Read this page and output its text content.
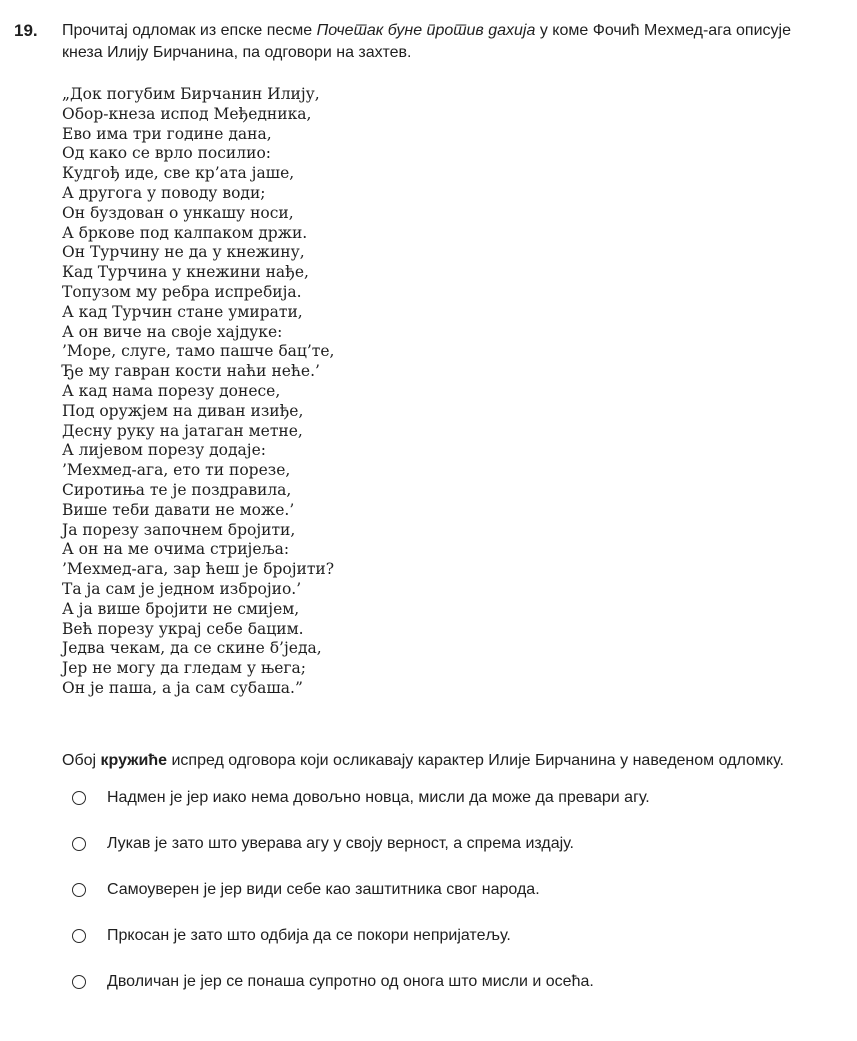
19.	Прочитај одломак из епске песме Почетак буне против дахија у коме Фочић Мехмед-ага описује
кнеза Илију Бирчанина, па одговори на захтев.
„Док погубим Бирчанин Илију,
Обор-кнеза испод Међедника,
Ево има три године дана,
Од како се врло посилио:
Кудгођ иде, све кр’ата јаше,
А другога у поводу води;
Он буздован о ункашу носи,
А бркове под калпаком држи.
Он Турчину не да у кнежину,
Кад Турчина у кнежини нађе,
Топузом му ребра испребија.
А кад Турчин стане умирати,
А он виче на своје хајдуке:
’Море, слуге, тамо пашче бац’те,
Ђе му гавран кости наћи неће.’
А кад нама порезу донесе,
Под оружјем на диван изиђе,
Десну руку на јатаган метне,
А лијевом порезу додаје:
’Мехмед-ага, ето ти порезе,
Сиротиња те је поздравила,
Више теби давати не може.’
Ја порезу започнем бројити,
А он на ме очима стријеља:
’Мехмед-ага, зар ћеш је бројити?
Та ја сам је једном избројио.’
А ја више бројити не смијем,
Већ порезу украј себе бацим.
Једва чекам, да се скине б’једа,
Јер не могу да гледам у њега;
Он је паша, а ја сам субаша.”

Обој кружиће испред одговора који осликавају карактер Илије Бирчанина у наведеном одломку.

Надмен је јер иако нема довољно новца, мисли да може да превари агу.
Лукав је зато што уверава агу у своју верност, а спрема издају.
Самоуверен је јер види себе као заштитника свог народа.
Пркосан је зато што одбија да се покори непријатељу.
Дволичан је јер се понаша супротно од онога што мисли и осећа.
